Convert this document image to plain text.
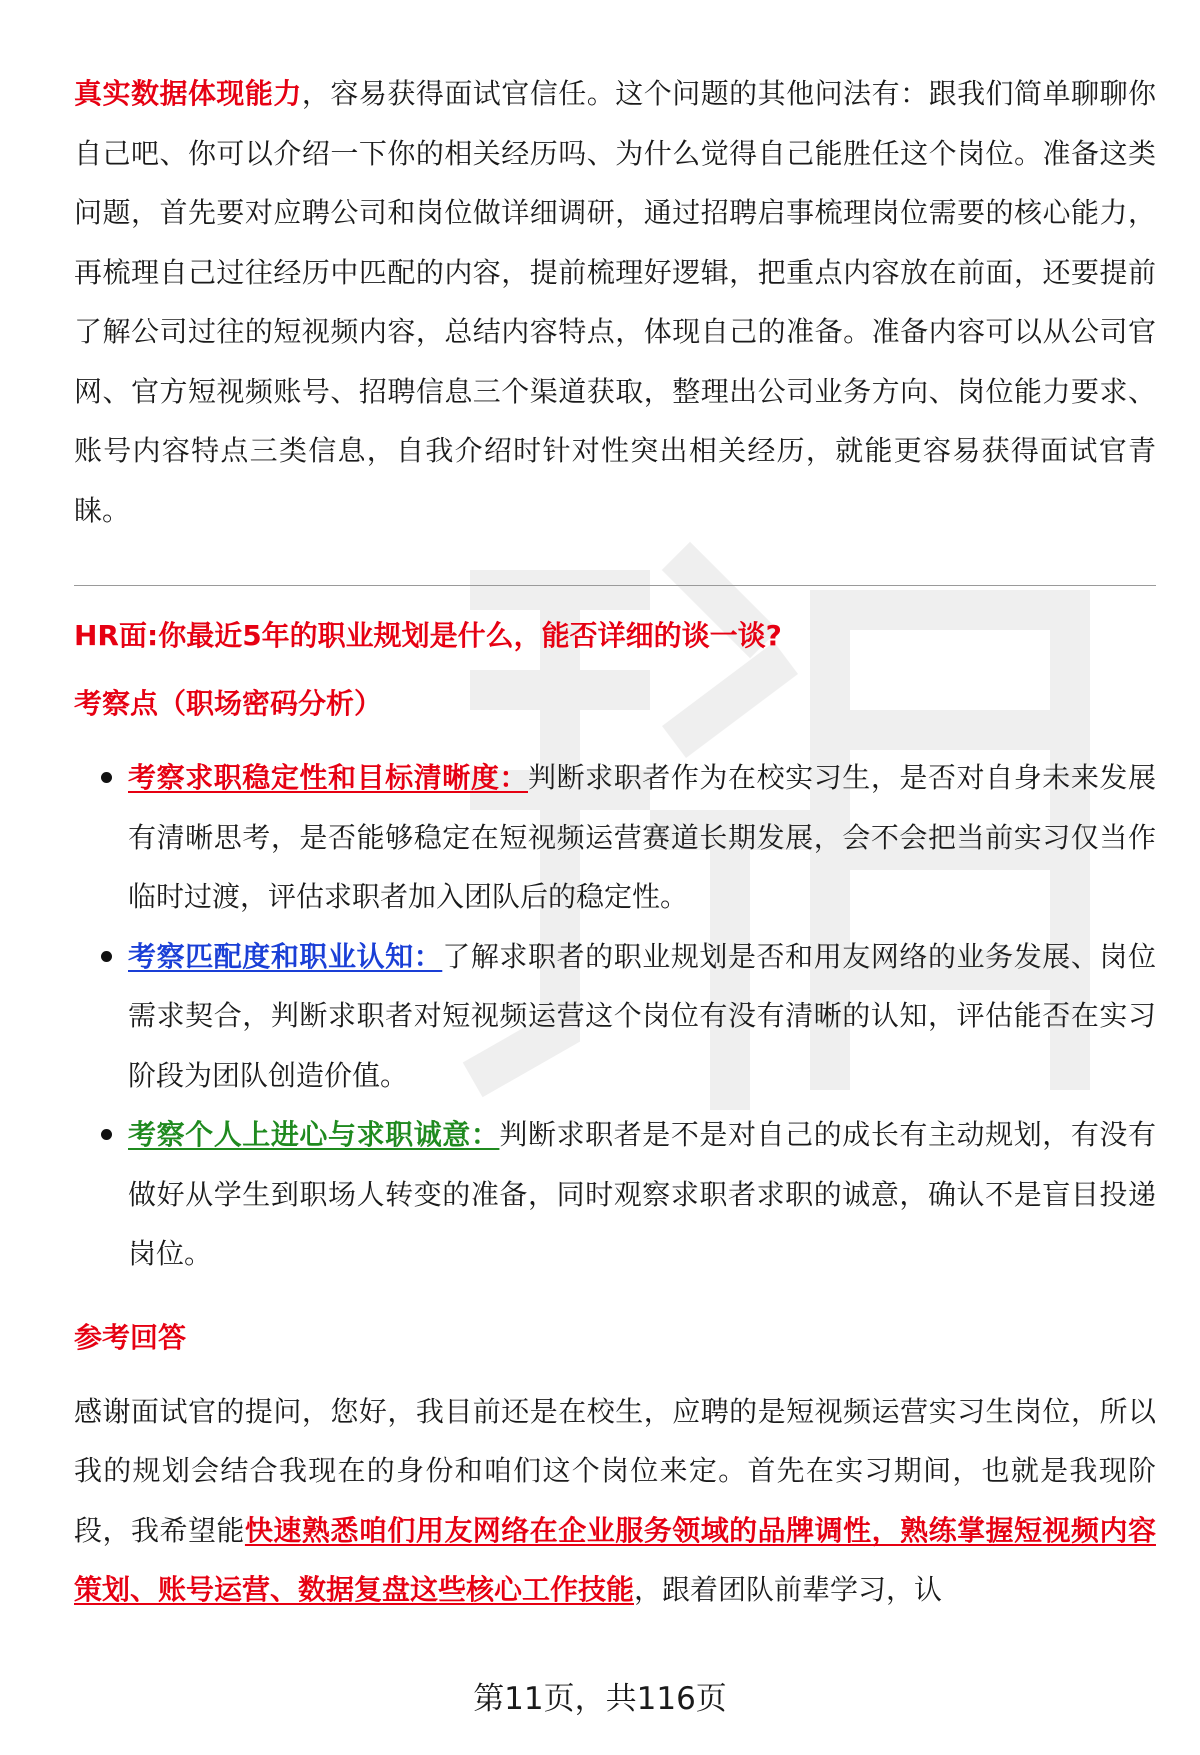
真实数据体现能力，容易获得面试官信任。这个问题的其他问法有：跟我们简单聊聊你自己吧、你可以介绍一下你的相关经历吗、为什么觉得自己能胜任这个岗位。准备这类问题，首先要对应聘公司和岗位做详细调研，通过招聘启事梳理岗位需要的核心能力，再梳理自己过往经历中匹配的内容，提前梳理好逻辑，把重点内容放在前面，还要提前了解公司过往的短视频内容，总结内容特点，体现自己的准备。准备内容可以从公司官网、官方短视频账号、招聘信息三个渠道获取，整理出公司业务方向、岗位能力要求、账号内容特点三类信息，自我介绍时针对性突出相关经历，就能更容易获得面试官青睐。

HR面:你最近5年的职业规划是什么，能否详细的谈一谈?
考察点（职场密码分析）
考察求职稳定性和目标清晰度：判断求职者作为在校实习生，是否对自身未来发展有清晰思考，是否能够稳定在短视频运营赛道长期发展，会不会把当前实习仅当作临时过渡，评估求职者加入团队后的稳定性。
考察匹配度和职业认知：了解求职者的职业规划是否和用友网络的业务发展、岗位需求契合，判断求职者对短视频运营这个岗位有没有清晰的认知，评估能否在实习阶段为团队创造价值。
考察个人上进心与求职诚意：判断求职者是不是对自己的成长有主动规划，有没有做好从学生到职场人转变的准备，同时观察求职者求职的诚意，确认不是盲目投递岗位。
参考回答

感谢面试官的提问，您好，我目前还是在校生，应聘的是短视频运营实习生岗位，所以我的规划会结合我现在的身份和咱们这个岗位来定。首先在实习期间，也就是我现阶段，我希望能快速熟悉咱们用友网络在企业服务领域的品牌调性，熟练掌握短视频内容策划、账号运营、数据复盘这些核心工作技能，跟着团队前辈学习，认

第11页，共116页
